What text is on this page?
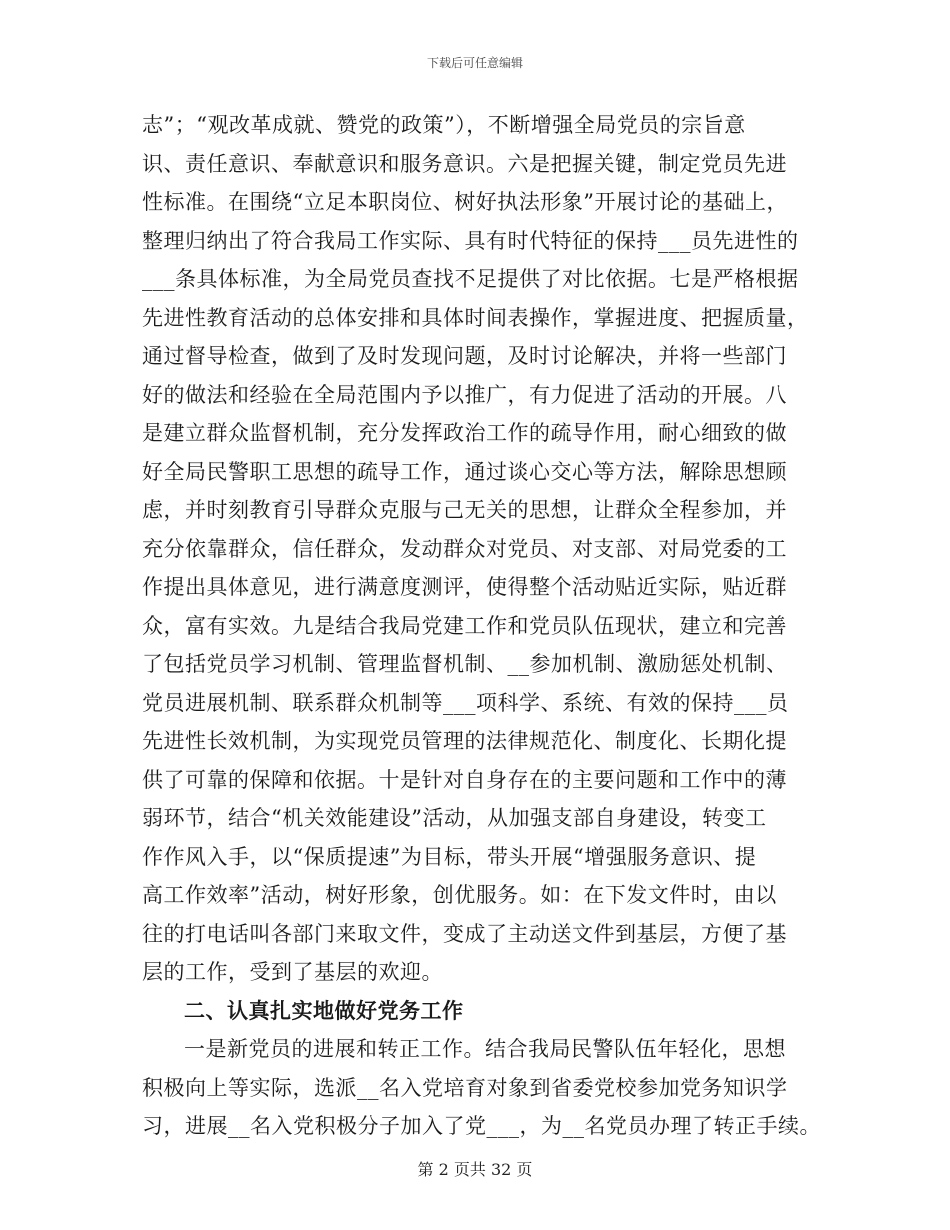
下载后可任意编辑
志”；“观改革成就、赞党的政策”），不断增强全局党员的宗旨意
识、责任意识、奉献意识和服务意识。六是把握关键，制定党员先进
性标准。在围绕“立足本职岗位、树好执法形象”开展讨论的基础上，
整理归纳出了符合我局工作实际、具有时代特征的保持___员先进性的
___条具体标准，为全局党员查找不足提供了对比依据。七是严格根据
先进性教育活动的总体安排和具体时间表操作，掌握进度、把握质量，
通过督导检查，做到了及时发现问题，及时讨论解决，并将一些部门
好的做法和经验在全局范围内予以推广，有力促进了活动的开展。八
是建立群众监督机制，充分发挥政治工作的疏导作用，耐心细致的做
好全局民警职工思想的疏导工作，通过谈心交心等方法，解除思想顾
虑，并时刻教育引导群众克服与己无关的思想，让群众全程参加，并
充分依靠群众，信任群众，发动群众对党员、对支部、对局党委的工
作提出具体意见，进行满意度测评，使得整个活动贴近实际，贴近群
众，富有实效。九是结合我局党建工作和党员队伍现状，建立和完善
了包括党员学习机制、管理监督机制、__参加机制、激励惩处机制、
党员进展机制、联系群众机制等___项科学、系统、有效的保持___员
先进性长效机制，为实现党员管理的法律规范化、制度化、长期化提
供了可靠的保障和依据。十是针对自身存在的主要问题和工作中的薄
弱环节，结合“机关效能建设”活动，从加强支部自身建设，转变工
作作风入手，以“保质提速”为目标，带头开展“增强服务意识、提
高工作效率”活动，树好形象，创优服务。如：在下发文件时，由以
往的打电话叫各部门来取文件，变成了主动送文件到基层，方便了基
层的工作，受到了基层的欢迎。
二、认真扎实地做好党务工作
一是新党员的进展和转正工作。结合我局民警队伍年轻化，思想
积极向上等实际，选派__名入党培育对象到省委党校参加党务知识学
习，进展__名入党积极分子加入了党___，为__名党员办理了转正手续。
第 2 页共 32 页
